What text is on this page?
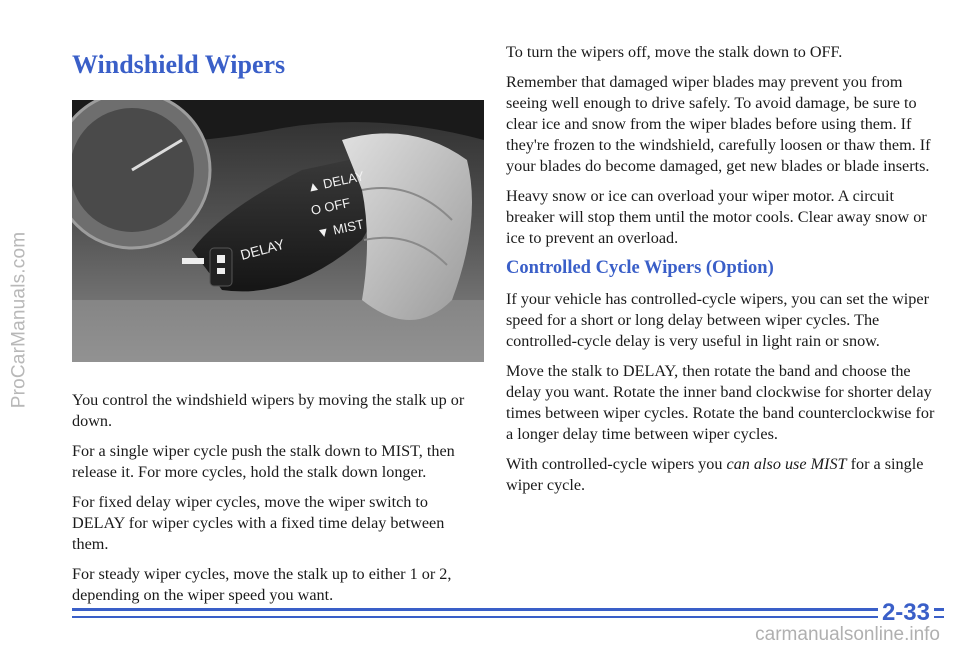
ProCarManuals.com
Windshield Wipers
▲ DELAY
O OFF
▼ MIST
DELAY

You control the windshield wipers by moving the stalk up or down.

For a single wiper cycle push the stalk down to MIST, then release it. For more cycles, hold the stalk down longer.

For fixed delay wiper cycles, move the wiper switch to DELAY for wiper cycles with a fixed time delay between them.

For steady wiper cycles, move the stalk up to either 1 or 2, depending on the wiper speed you want.

To turn the wipers off, move the stalk down to OFF.

Remember that damaged wiper blades may prevent you from seeing well enough to drive safely. To avoid damage, be sure to clear ice and snow from the wiper blades before using them. If they're frozen to the windshield, carefully loosen or thaw them. If your blades do become damaged, get new blades or blade inserts.

Heavy snow or ice can overload your wiper motor. A circuit breaker will stop them until the motor cools. Clear away snow or ice to prevent an overload.

Controlled Cycle Wipers (Option)

If your vehicle has controlled-cycle wipers, you can set the wiper speed for a short or long delay between wiper cycles. The controlled-cycle delay is very useful in light rain or snow.

Move the stalk to DELAY, then rotate the band and choose the delay you want. Rotate the inner band clockwise for shorter delay times between wiper cycles. Rotate the band counterclockwise for a longer delay time between wiper cycles.

With controlled-cycle wipers you can also use MIST for a single wiper cycle.

2-33
carmanualsonline.info
